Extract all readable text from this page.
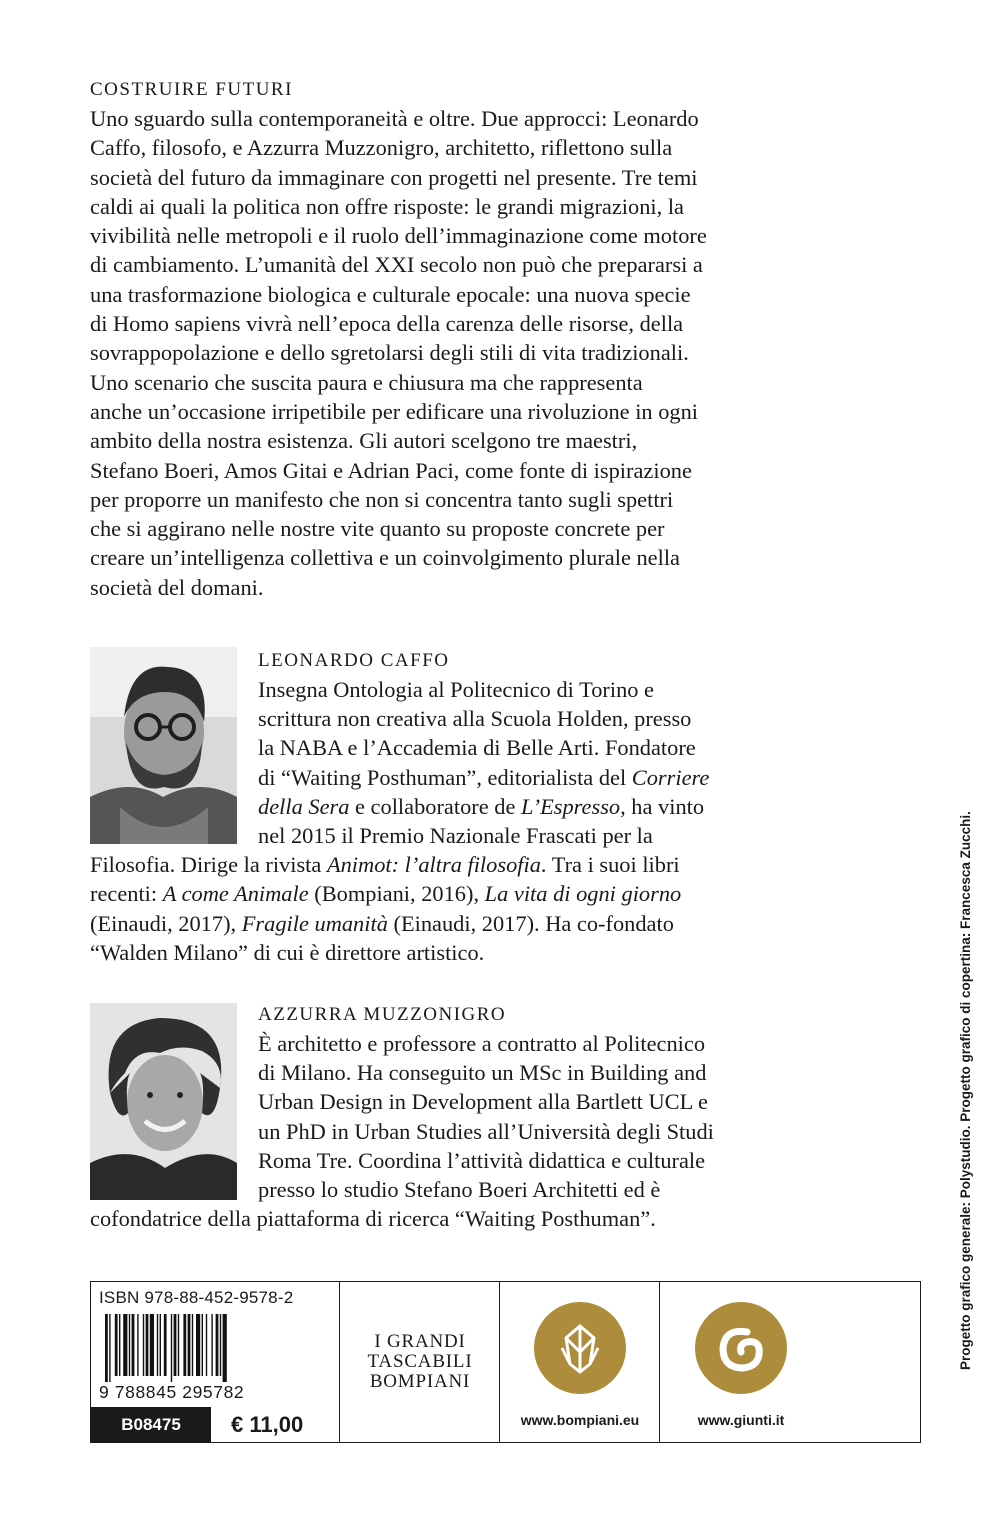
COSTRUIRE FUTURI
Uno sguardo sulla contemporaneità e oltre. Due approcci: Leonardo
Caffo, filosofo, e Azzurra Muzzonigro, architetto, riflettono sulla
società del futuro da immaginare con progetti nel presente. Tre temi
caldi ai quali la politica non offre risposte: le grandi migrazioni, la
vivibilità nelle metropoli e il ruolo dell’immaginazione come motore
di cambiamento. L’umanità del XXI secolo non può che prepararsi a
una trasformazione biologica e culturale epocale: una nuova specie
di Homo sapiens vivrà nell’epoca della carenza delle risorse, della
sovrappopolazione e dello sgretolarsi degli stili di vita tradizionali.
Uno scenario che suscita paura e chiusura ma che rappresenta
anche un’occasione irripetibile per edificare una rivoluzione in ogni
ambito della nostra esistenza. Gli autori scelgono tre maestri,
Stefano Boeri, Amos Gitai e Adrian Paci, come fonte di ispirazione
per proporre un manifesto che non si concentra tanto sugli spettri
che si aggirano nelle nostre vite quanto su proposte concrete per
creare un’intelligenza collettiva e un coinvolgimento plurale nella
società del domani.
LEONARDO CAFFO
Insegna Ontologia al Politecnico di Torino e
scrittura non creativa alla Scuola Holden, presso
la NABA e l’Accademia di Belle Arti. Fondatore
di “Waiting Posthuman”, editorialista del Corriere
della Sera e collaboratore de L’Espresso, ha vinto
nel 2015 il Premio Nazionale Frascati per la
Filosofia. Dirige la rivista Animot: l’altra filosofia. Tra i suoi libri
recenti: A come Animale (Bompiani, 2016), La vita di ogni giorno
(Einaudi, 2017), Fragile umanità (Einaudi, 2017). Ha co-fondato
“Walden Milano” di cui è direttore artistico.
AZZURRA MUZZONIGRO
È architetto e professore a contratto al Politecnico
di Milano. Ha conseguito un MSc in Building and
Urban Design in Development alla Bartlett UCL e
un PhD in Urban Studies all’Università degli Studi
Roma Tre. Coordina l’attività didattica e culturale
presso lo studio Stefano Boeri Architetti ed è
cofondatrice della piattaforma di ricerca “Waiting Posthuman”.
ISBN 978-88-452-9578-2
9 788845 295782
B08475	€ 11,00
I GRANDI
TASCABILI
BOMPIANI
www.bompiani.eu	www.giunti.it
Progetto grafico generale: Polystudio. Progetto grafico di copertina: Francesca Zucchi.
